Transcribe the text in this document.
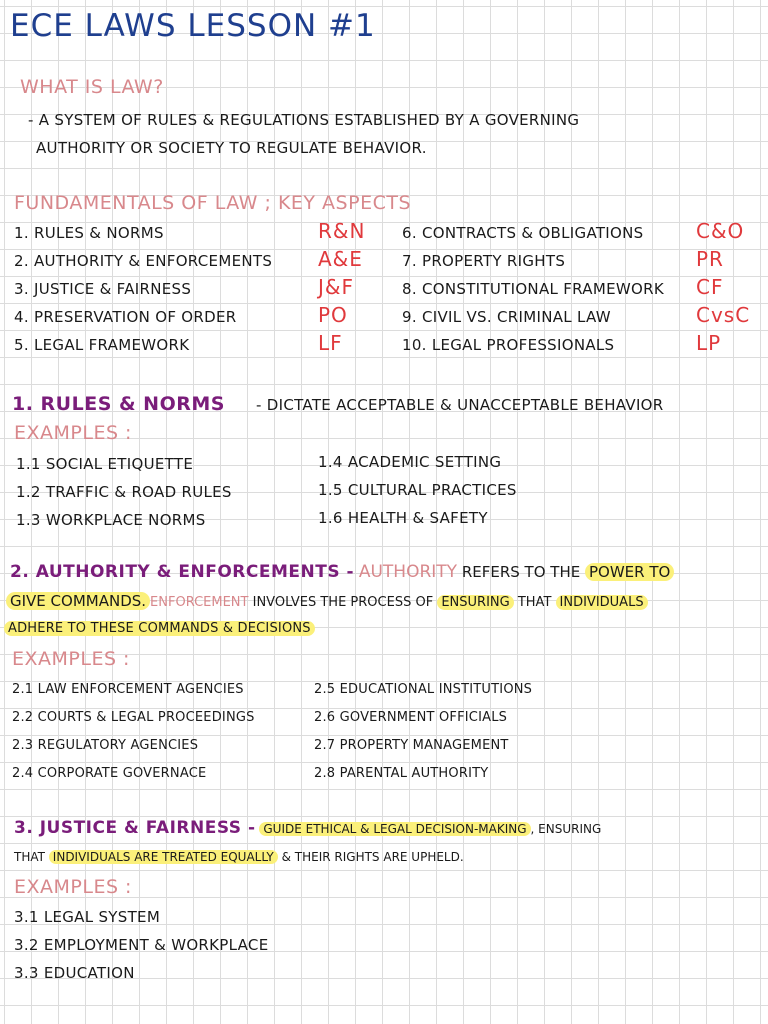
ECE LAWS LESSON #1
WHAT IS LAW?
- A SYSTEM OF RULES & REGULATIONS ESTABLISHED BY A GOVERNING
AUTHORITY OR SOCIETY TO REGULATE BEHAVIOR.
FUNDAMENTALS OF LAW ; KEY ASPECTS
1. RULES & NORMS
2. AUTHORITY & ENFORCEMENTS
3. JUSTICE & FAIRNESS
4. PRESERVATION OF ORDER
5. LEGAL FRAMEWORK
R&N
A&E
J&F
PO
LF
6. CONTRACTS & OBLIGATIONS
7. PROPERTY RIGHTS
8. CONSTITUTIONAL FRAMEWORK
9. CIVIL VS. CRIMINAL LAW
10. LEGAL PROFESSIONALS
C&O
PR
CF
CvsC
LP
1. RULES & NORMS - DICTATE ACCEPTABLE & UNACCEPTABLE BEHAVIOR
EXAMPLES :
1.1 SOCIAL ETIQUETTE
1.2 TRAFFIC & ROAD RULES
1.3 WORKPLACE NORMS
1.4 ACADEMIC SETTING
1.5 CULTURAL PRACTICES
1.6 HEALTH & SAFETY
2. AUTHORITY & ENFORCEMENTS - AUTHORITY REFERS TO THE POWER TO
GIVE COMMANDS. ENFORCEMENT INVOLVES THE PROCESS OF ENSURING THAT INDIVIDUALS
ADHERE TO THESE COMMANDS & DECISIONS
EXAMPLES :
2.1 LAW ENFORCEMENT AGENCIES
2.2 COURTS & LEGAL PROCEEDINGS
2.3 REGULATORY AGENCIES
2.4 CORPORATE GOVERNACE
2.5 EDUCATIONAL INSTITUTIONS
2.6 GOVERNMENT OFFICIALS
2.7 PROPERTY MANAGEMENT
2.8 PARENTAL AUTHORITY
3. JUSTICE & FAIRNESS - GUIDE ETHICAL & LEGAL DECISION-MAKING , ENSURING
THAT INDIVIDUALS ARE TREATED EQUALLY & THEIR RIGHTS ARE UPHELD.
EXAMPLES :
3.1 LEGAL SYSTEM
3.2 EMPLOYMENT & WORKPLACE
3.3 EDUCATION
